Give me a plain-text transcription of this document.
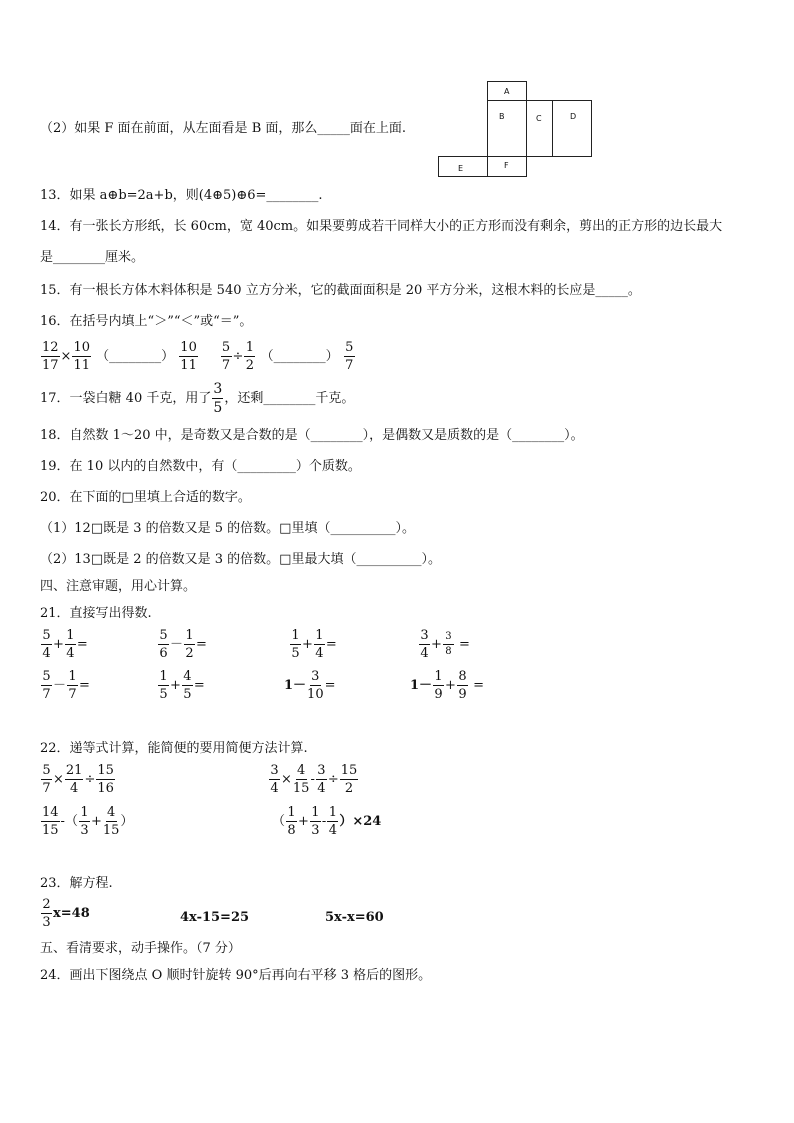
（2）如果 F 面在前面，从左面看是 B 面，那么_____面在上面.
A
B	C	D
E	F
13．如果 a⊕b=2a+b，则(4⊕5)⊕6=________.
14．有一张长方形纸，长 60cm，宽 40cm。如果要剪成若干同样大小的正方形而没有剩余，剪出的正方形的边长最大
是________厘米。
15．有一根长方体木料体积是 540 立方分米，它的截面面积是 20 平方分米，这根木料的长应是_____。
16．在括号内填上“＞”“＜”或“＝”。
$\frac{12}{17} \times \frac{10}{11}$ （________） $\frac{10}{11}$
$\frac{5}{7} \div \frac{1}{2}$ （________） $\frac{5}{7}$
17．一袋白糖 40 千克，用了 $\frac{3}{5}$ ，还剩________千克。
18．自然数 1～20 中，是奇数又是合数的是（________），是偶数又是质数的是（________）。
19．在 10 以内的自然数中，有（_________）个质数。
20．在下面的□里填上合适的数字。
（1）12□既是 3 的倍数又是 5 的倍数。□里填（__________）。
（2）13□既是 2 的倍数又是 3 的倍数。□里最大填（__________）。
四、注意审题，用心计算。
21．直接写出得数.
$\frac{5}{4} + \frac{1}{4}$ =	$\frac{5}{6} - \frac{1}{2}$ =	$\frac{1}{5} + \frac{1}{4}$ =	$\frac{3}{4} + \frac{3}{8}$ =
$\frac{5}{7} - \frac{1}{7}$ =	$\frac{1}{5} + \frac{4}{5}$ =	$1- \frac{3}{10}$ =	$1- \frac{1}{9} + \frac{8}{9}$ =
22．递等式计算，能简便的要用简便方法计算.
$\frac{5}{7} \times \frac{21}{4} \div \frac{15}{16}$	$\frac{3}{4} \times \frac{4}{15} - \frac{3}{4} \div \frac{15}{2}$
$\frac{14}{15}$ -（ $\frac{1}{3} + \frac{4}{15}$ ）	（ $\frac{1}{8} + \frac{1}{3} - \frac{1}{4} )\times 24$
23．解方程.
$\frac{2}{3} x=48$	4x-15=25	5x-x=60
五、看清要求，动手操作。（7 分）
24．画出下图绕点 O 顺时针旋转 90°后再向右平移 3 格后的图形。
